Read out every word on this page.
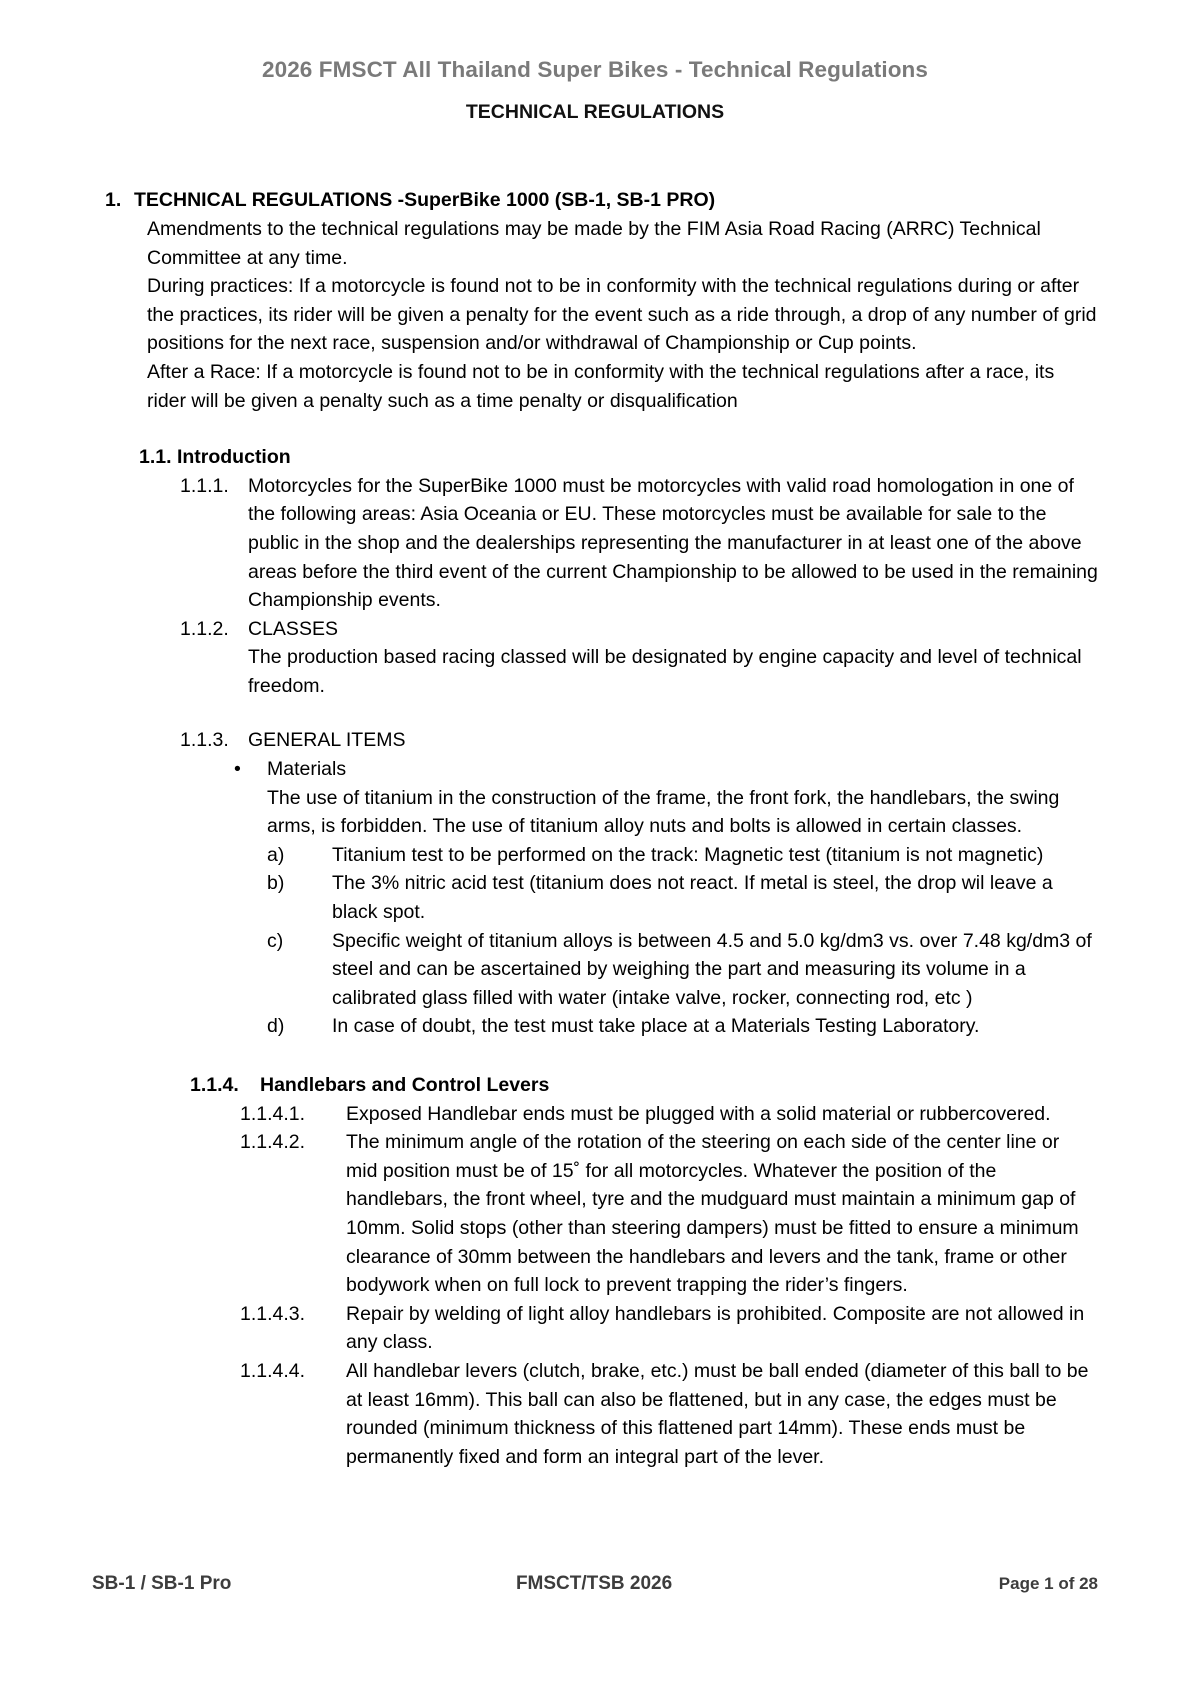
2026 FMSCT All Thailand Super Bikes - Technical Regulations
TECHNICAL REGULATIONS
1. TECHNICAL REGULATIONS -SuperBike 1000 (SB-1, SB-1 PRO)

Amendments to the technical regulations may be made by the FIM Asia Road Racing (ARRC) Technical Committee at any time.

During practices: If a motorcycle is found not to be in conformity with the technical regulations during or after the practices, its rider will be given a penalty for the event such as a ride through, a drop of any number of grid positions for the next race, suspension and/or withdrawal of Championship or Cup points.

After a Race: If a motorcycle is found not to be in conformity with the technical regulations after a race, its rider will be given a penalty such as a time penalty or disqualification

1.1. Introduction
1.1.1. Motorcycles for the SuperBike 1000 must be motorcycles with valid road homologation in one of the following areas: Asia Oceania or EU. These motorcycles must be available for sale to the public in the shop and the dealerships representing the manufacturer in at least one of the above areas before the third event of the current Championship to be allowed to be used in the remaining Championship events.
1.1.2. CLASSES

The production based racing classed will be designated by engine capacity and level of technical freedom.

1.1.3. GENERAL ITEMS
•	Materials

The use of titanium in the construction of the frame, the front fork, the handlebars, the swing arms, is forbidden. The use of titanium alloy nuts and bolts is allowed in certain classes.

a)	Titanium test to be performed on the track: Magnetic test (titanium is not magnetic)
b)	The 3% nitric acid test (titanium does not react. If metal is steel, the drop wil leave a black spot.
c)	Specific weight of titanium alloys is between 4.5 and 5.0 kg/dm3 vs. over 7.48 kg/dm3 of steel and can be ascertained by weighing the part and measuring its volume in a calibrated glass filled with water (intake valve, rocker, connecting rod, etc )
d)	In case of doubt, the test must take place at a Materials Testing Laboratory.
1.1.4.	Handlebars and Control Levers
1.1.4.1.	Exposed Handlebar ends must be plugged with a solid material or rubbercovered.
1.1.4.2.	The minimum angle of the rotation of the steering on each side of the center line or mid position must be of 15˚ for all motorcycles. Whatever the position of the handlebars, the front wheel, tyre and the mudguard must maintain a minimum gap of 10mm. Solid stops (other than steering dampers) must be fitted to ensure a minimum clearance of 30mm between the handlebars and levers and the tank, frame or other bodywork when on full lock to prevent trapping the rider’s fingers.
1.1.4.3.	Repair by welding of light alloy handlebars is prohibited. Composite are not allowed in any class.
1.1.4.4.	All handlebar levers (clutch, brake, etc.) must be ball ended (diameter of this ball to be at least 16mm). This ball can also be flattened, but in any case, the edges must be rounded (minimum thickness of this flattened part 14mm). These ends must be permanently fixed and form an integral part of the lever.
SB-1 / SB-1 Pro	FMSCT/TSB 2026	Page 1 of 28
